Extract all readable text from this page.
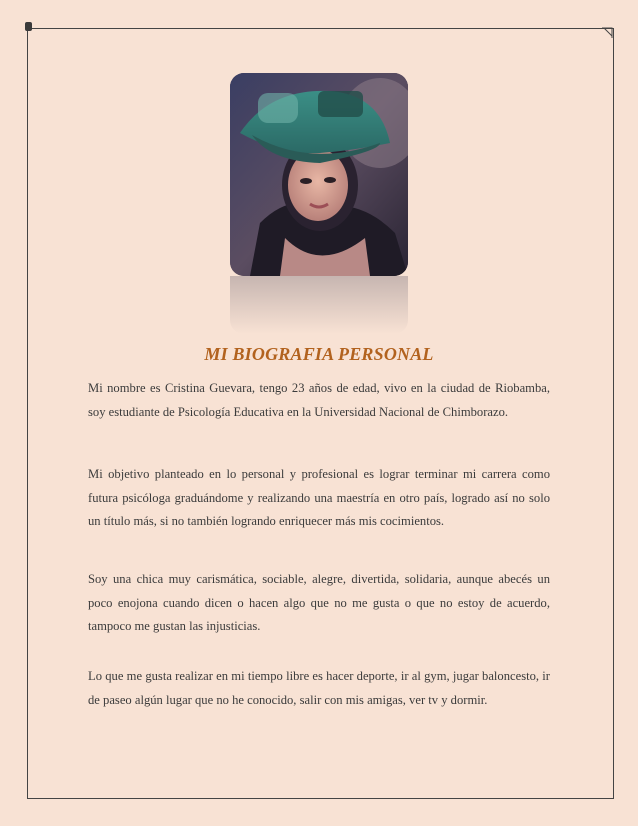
MI BIOGRAFIA PERSONAL

Mi nombre es Cristina Guevara, tengo 23 años de edad, vivo en la ciudad de Riobamba, soy estudiante de Psicología Educativa en la Universidad Nacional de Chimborazo.

Mi objetivo planteado en lo personal y profesional es lograr terminar mi carrera como futura psicóloga graduándome y realizando una maestría en otro país, logrado así no solo un título más, si no también logrando enriquecer más mis cocimientos.

Soy una chica muy carismática, sociable, alegre, divertida, solidaria, aunque abecés un poco enojona cuando dicen o hacen algo que no me gusta o que no estoy de acuerdo, tampoco me gustan las injusticias.

Lo que me gusta realizar en mi tiempo libre es hacer deporte, ir al gym, jugar baloncesto, ir de paseo algún lugar que no he conocido, salir con mis amigas, ver tv y dormir.
